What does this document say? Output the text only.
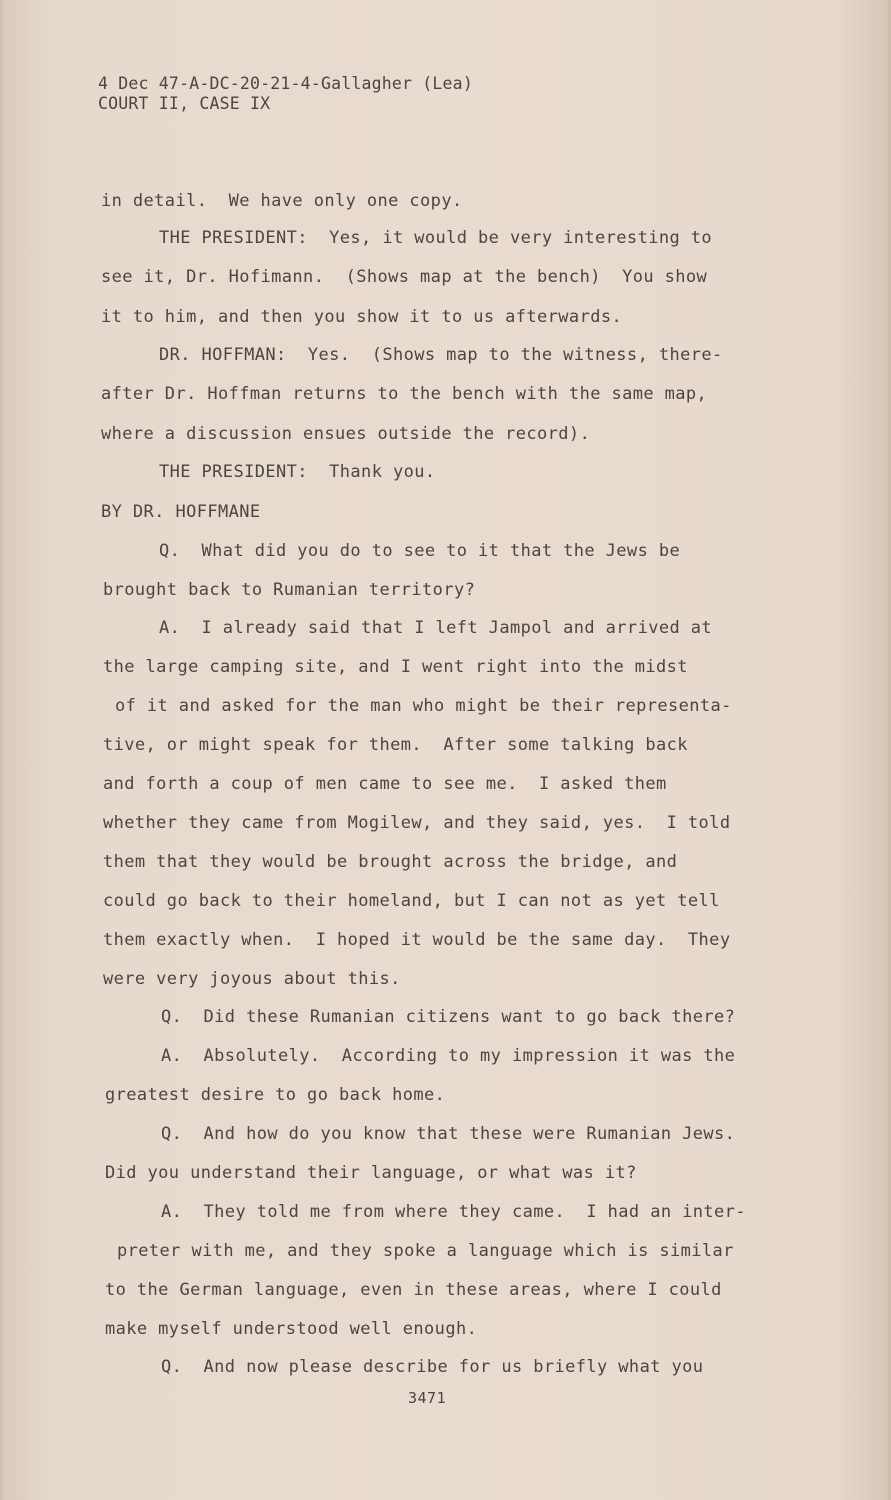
4 Dec 47-A-DC-20-21-4-Gallagher (Lea)
COURT II, CASE IX
in detail.  We have only one copy.
THE PRESIDENT:  Yes, it would be very interesting to
see it, Dr. Hofimann.  (Shows map at the bench)  You show
it to him, and then you show it to us afterwards.
DR. HOFFMAN:  Yes.  (Shows map to the witness, there-
after Dr. Hoffman returns to the bench with the same map,
where a discussion ensues outside the record).
THE PRESIDENT:  Thank you.
BY DR. HOFFMANE
Q.  What did you do to see to it that the Jews be
brought back to Rumanian territory?
A.  I already said that I left Jampol and arrived at
the large camping site, and I went right into the midst
of it and asked for the man who might be their representa-
tive, or might speak for them.  After some talking back
and forth a coup of men came to see me.  I asked them
whether they came from Mogilew, and they said, yes.  I told
them that they would be brought across the bridge, and
could go back to their homeland, but I can not as yet tell
them exactly when.  I hoped it would be the same day.  They
were very joyous about this.
Q.  Did these Rumanian citizens want to go back there?
A.  Absolutely.  According to my impression it was the
greatest desire to go back home.
Q.  And how do you know that these were Rumanian Jews.
Did you understand their language, or what was it?
A.  They told me from where they came.  I had an inter-
preter with me, and they spoke a language which is similar
to the German language, even in these areas, where I could
make myself understood well enough.
Q.  And now please describe for us briefly what you
3471
